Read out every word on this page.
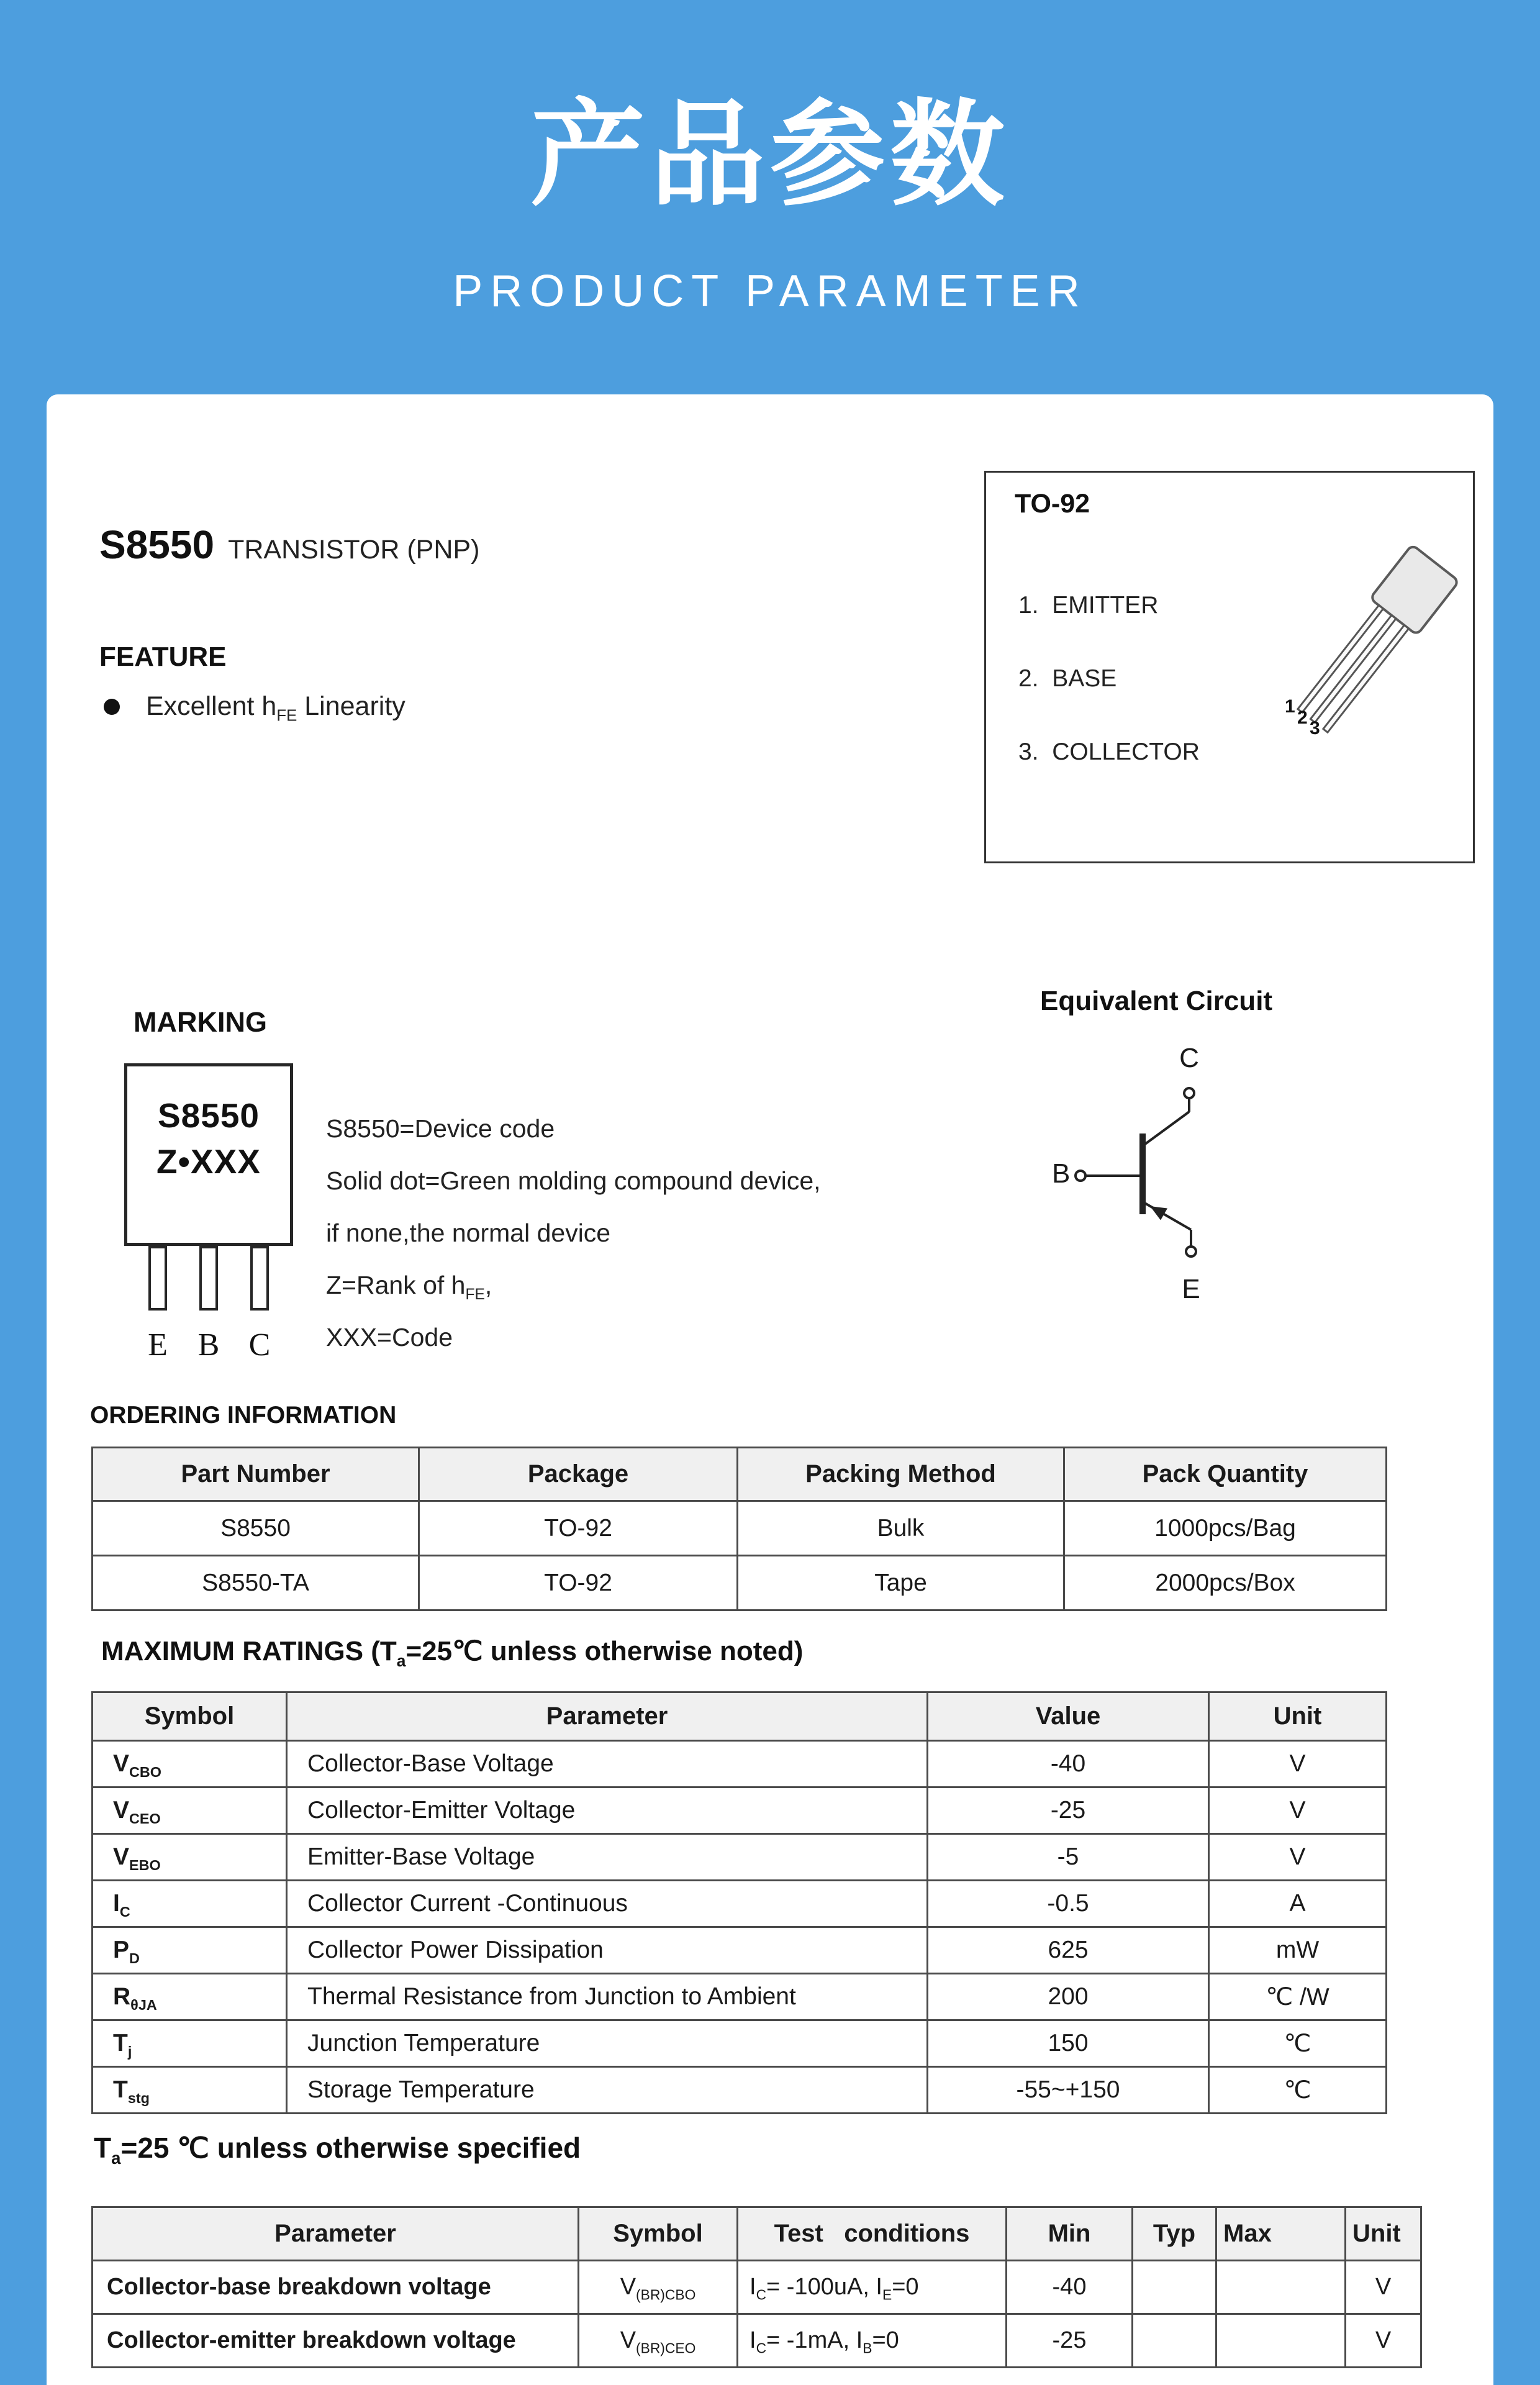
产品参数
PRODUCT PARAMETER
S8550 TRANSISTOR (PNP)
FEATURE
Excellent $h_{FE}$ Linearity
TO-92
1.  EMITTER
2.  BASE
3.  COLLECTOR
1
2
3
MARKING
S8550
Z•XXX
E B C
S8550=Device code
Solid dot=Green molding compound device,
if none,the normal device
Z=Rank of $h_{FE}$,
XXX=Code
Equivalent Circuit
C
B
E
ORDERING INFORMATION
Part Number	Package	Packing Method	Pack Quantity
S8550	TO-92	Bulk	1000pcs/Bag
S8550-TA	TO-92	Tape	2000pcs/Box
MAXIMUM RATINGS ($T_a=25℃$ unless otherwise noted)
Symbol	Parameter	Value	Unit
$V_{CBO}$	Collector-Base Voltage	-40	V
$V_{CEO}$	Collector-Emitter Voltage	-25	V
$V_{EBO}$	Emitter-Base Voltage	-5	V
$I_C$	Collector Current -Continuous	-0.5	A
$P_D$	Collector Power Dissipation	625	mW
$R_{\theta JA}$	Thermal Resistance from Junction to Ambient	200	℃ /W
$T_j$	Junction Temperature	150	℃
$T_{stg}$	Storage Temperature	-55~+150	℃
$T_a=25$ ℃ unless otherwise specified
Parameter	Symbol	Test   conditions	Min	Typ	Max	Unit
Collector-base breakdown voltage	$V_{(BR)CBO}$	$I_C= -100uA$, $I_E=0$	-40			V
Collector-emitter breakdown voltage	$V_{(BR)CEO}$	$I_C= -1mA$, $I_B=0$	-25			V
